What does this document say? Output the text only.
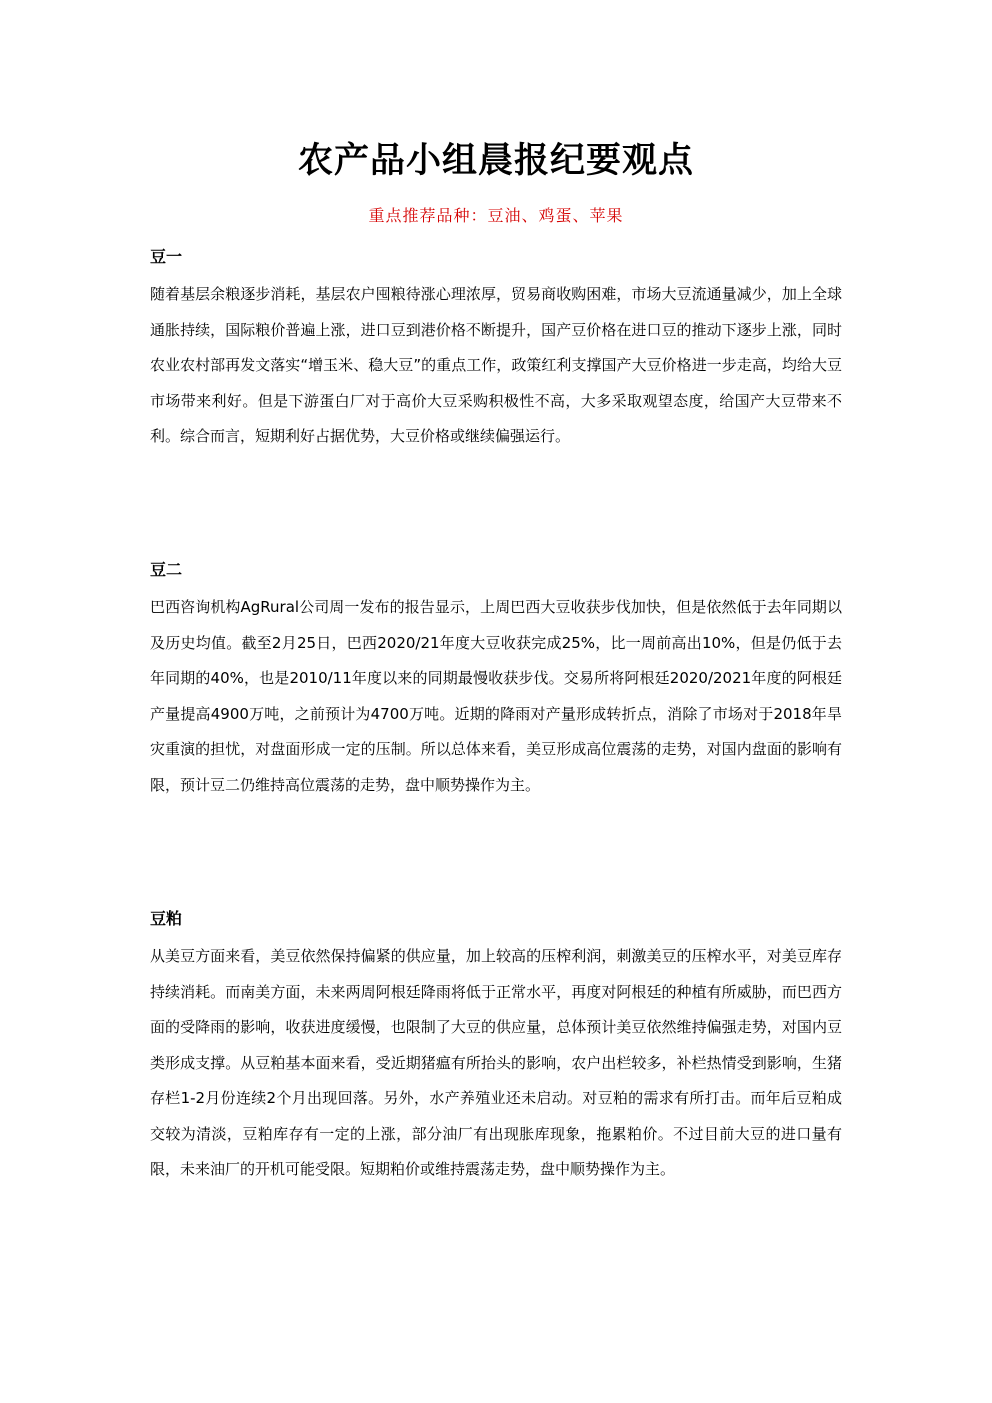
农产品小组晨报纪要观点
重点推荐品种：豆油、鸡蛋、苹果
豆一

随着基层余粮逐步消耗，基层农户囤粮待涨心理浓厚，贸易商收购困难，市场大豆流通量减少，加上全球通胀持续，国际粮价普遍上涨，进口豆到港价格不断提升，国产豆价格在进口豆的推动下逐步上涨，同时农业农村部再发文落实“增玉米、稳大豆”的重点工作，政策红利支撑国产大豆价格进一步走高，均给大豆市场带来利好。但是下游蛋白厂对于高价大豆采购积极性不高，大多采取观望态度，给国产大豆带来不利。综合而言，短期利好占据优势，大豆价格或继续偏强运行。

豆二

巴西咨询机构AgRural公司周一发布的报告显示，上周巴西大豆收获步伐加快，但是依然低于去年同期以及历史均值。截至2月25日，巴西2020/21年度大豆收获完成25%，比一周前高出10%，但是仍低于去年同期的40%，也是2010/11年度以来的同期最慢收获步伐。交易所将阿根廷2020/2021年度的阿根廷产量提高4900万吨，之前预计为4700万吨。近期的降雨对产量形成转折点，消除了市场对于2018年旱灾重演的担忧，对盘面形成一定的压制。所以总体来看，美豆形成高位震荡的走势，对国内盘面的影响有限，预计豆二仍维持高位震荡的走势，盘中顺势操作为主。

豆粕

从美豆方面来看，美豆依然保持偏紧的供应量，加上较高的压榨利润，刺激美豆的压榨水平，对美豆库存持续消耗。而南美方面，未来两周阿根廷降雨将低于正常水平，再度对阿根廷的种植有所威胁，而巴西方面的受降雨的影响，收获进度缓慢，也限制了大豆的供应量，总体预计美豆依然维持偏强走势，对国内豆类形成支撑。从豆粕基本面来看，受近期猪瘟有所抬头的影响，农户出栏较多，补栏热情受到影响，生猪存栏1-2月份连续2个月出现回落。另外，水产养殖业还未启动。对豆粕的需求有所打击。而年后豆粕成交较为清淡，豆粕库存有一定的上涨，部分油厂有出现胀库现象，拖累粕价。不过目前大豆的进口量有限，未来油厂的开机可能受限。短期粕价或维持震荡走势，盘中顺势操作为主。
